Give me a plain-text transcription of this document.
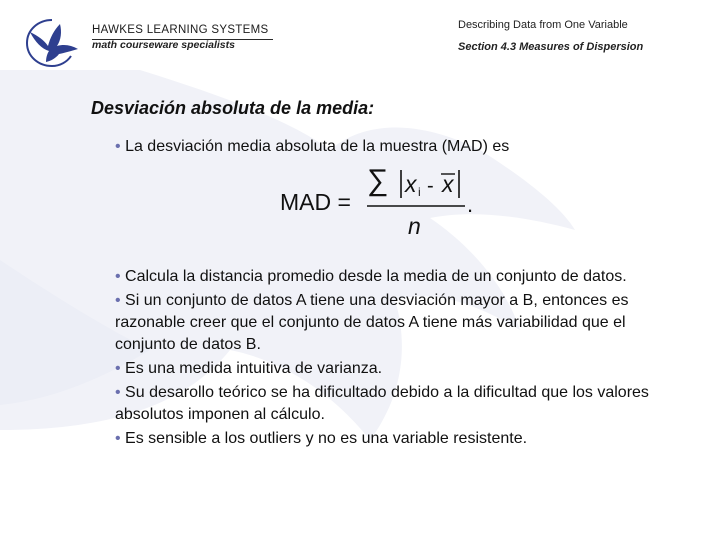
HAWKES LEARNING SYSTEMS
math courseware specialists
Describing Data from One Variable
Section 4.3 Measures of Dispersion
Desviación absoluta de la media:
• La desviación media absoluta de la muestra (MAD) es
MAD =
∑ x i - x
n
.
• Calcula la distancia promedio desde la media de un conjunto de datos.
• Si un conjunto de datos A tiene una desviación mayor a B, entonces es razonable creer que el conjunto de datos A tiene más variabilidad que el conjunto de datos B.
• Es una medida intuitiva de varianza.
• Su desarollo teórico se ha dificultado debido a la dificultad que los valores absolutos imponen al cálculo.
• Es sensible a los outliers y no es una variable resistente.
